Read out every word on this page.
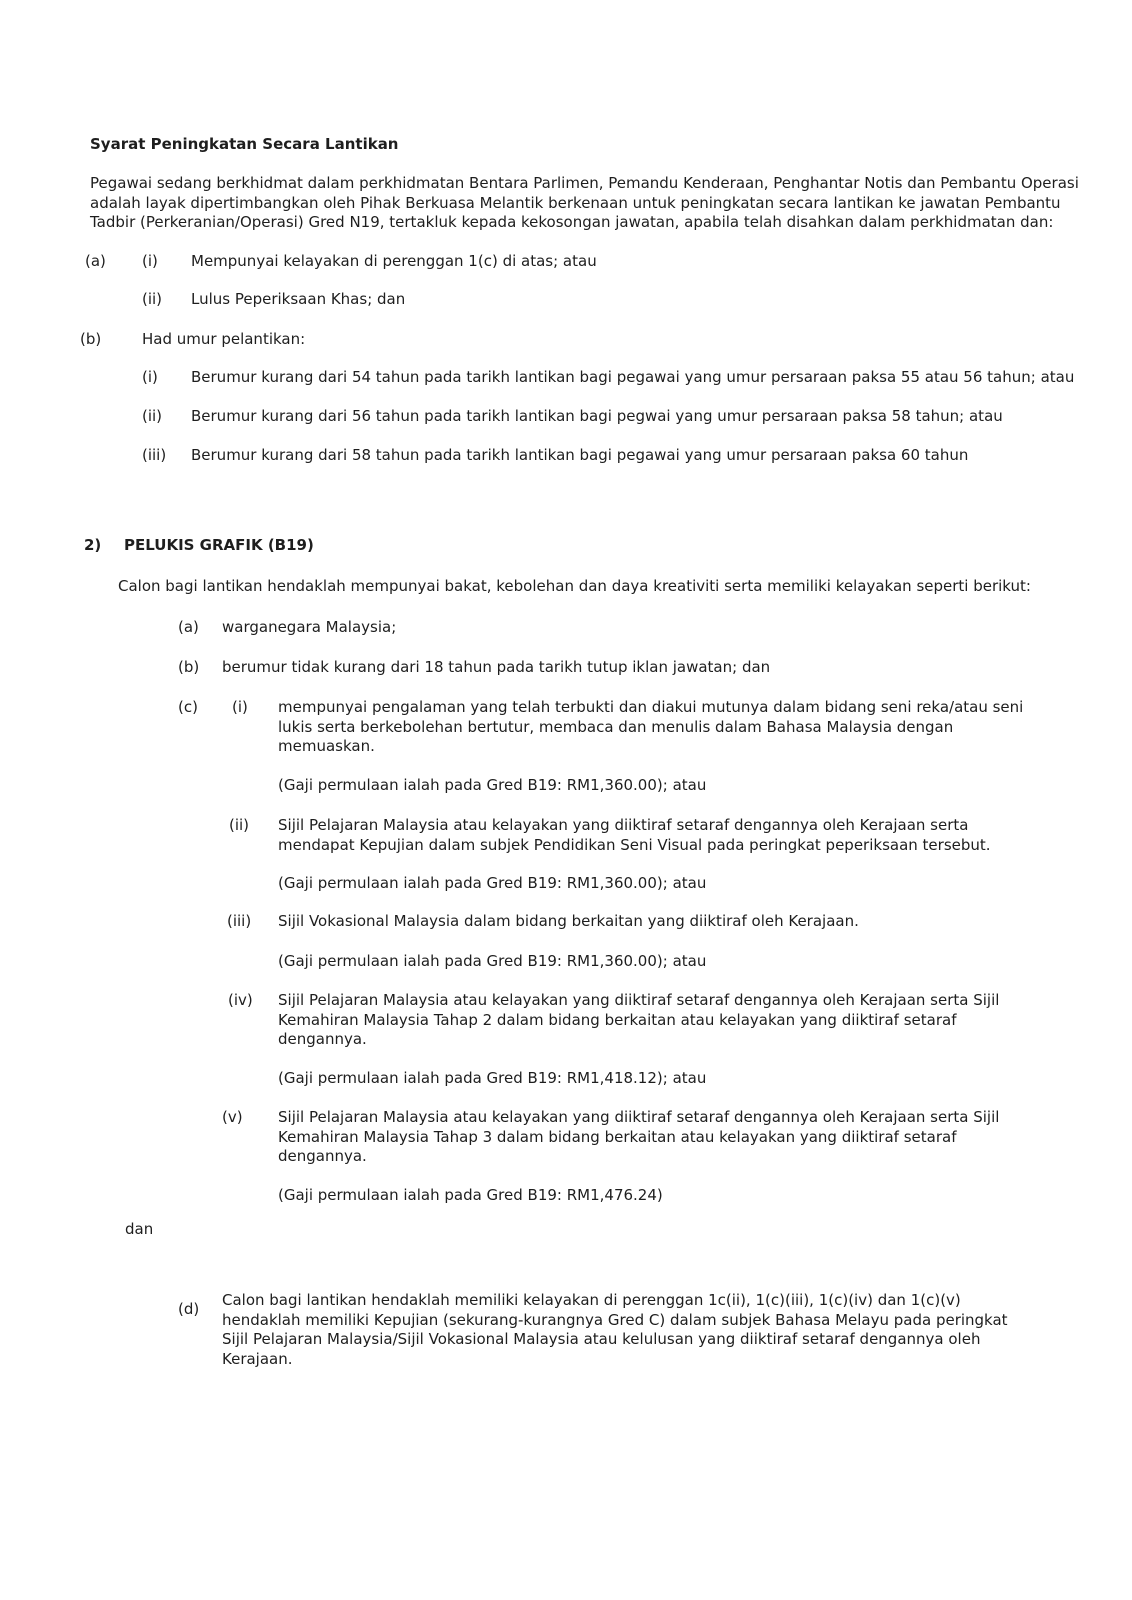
Syarat Peningkatan Secara Lantikan
Pegawai sedang berkhidmat dalam perkhidmatan Bentara Parlimen, Pemandu Kenderaan, Penghantar Notis dan Pembantu Operasi
adalah layak dipertimbangkan oleh Pihak Berkuasa Melantik berkenaan untuk peningkatan secara lantikan ke jawatan Pembantu
Tadbir (Perkeranian/Operasi) Gred N19, tertakluk kepada kekosongan jawatan, apabila telah disahkan dalam perkhidmatan dan:
(a) (i) Mempunyai kelayakan di perenggan 1(c) di atas; atau
(ii) Lulus Peperiksaan Khas; dan
(b)	Had umur pelantikan:
(i) Berumur kurang dari 54 tahun pada tarikh lantikan bagi pegawai yang umur persaraan paksa 55 atau 56 tahun; atau
(ii) Berumur kurang dari 56 tahun pada tarikh lantikan bagi pegwai yang umur persaraan paksa 58 tahun; atau
(iii) Berumur kurang dari 58 tahun pada tarikh lantikan bagi pegawai yang umur persaraan paksa 60 tahun
2) PELUKIS GRAFIK (B19)
Calon bagi lantikan hendaklah mempunyai bakat, kebolehan dan daya kreativiti serta memiliki kelayakan seperti berikut:
(a) warganegara Malaysia;
(b) berumur tidak kurang dari 18 tahun pada tarikh tutup iklan jawatan; dan
(c) (i) mempunyai pengalaman yang telah terbukti dan diakui mutunya dalam bidang seni reka/atau seni
lukis serta berkebolehan bertutur, membaca dan menulis dalam Bahasa Malaysia dengan
memuaskan.
(Gaji permulaan ialah pada Gred B19: RM1,360.00); atau
(ii) Sijil Pelajaran Malaysia atau kelayakan yang diiktiraf setaraf dengannya oleh Kerajaan serta
mendapat Kepujian dalam subjek Pendidikan Seni Visual pada peringkat peperiksaan tersebut.
(Gaji permulaan ialah pada Gred B19: RM1,360.00); atau
(iii) Sijil Vokasional Malaysia dalam bidang berkaitan yang diiktiraf oleh Kerajaan.
(Gaji permulaan ialah pada Gred B19: RM1,360.00); atau
(iv) Sijil Pelajaran Malaysia atau kelayakan yang diiktiraf setaraf dengannya oleh Kerajaan serta Sijil
Kemahiran Malaysia Tahap 2 dalam bidang berkaitan atau kelayakan yang diiktiraf setaraf
dengannya.
(Gaji permulaan ialah pada Gred B19: RM1,418.12); atau
(v) Sijil Pelajaran Malaysia atau kelayakan yang diiktiraf setaraf dengannya oleh Kerajaan serta Sijil
Kemahiran Malaysia Tahap 3 dalam bidang berkaitan atau kelayakan yang diiktiraf setaraf
dengannya.
(Gaji permulaan ialah pada Gred B19: RM1,476.24)
dan
(d) Calon bagi lantikan hendaklah memiliki kelayakan di perenggan 1c(ii), 1(c)(iii), 1(c)(iv) dan 1(c)(v)
hendaklah memiliki Kepujian (sekurang-kurangnya Gred C) dalam subjek Bahasa Melayu pada peringkat
Sijil Pelajaran Malaysia/Sijil Vokasional Malaysia atau kelulusan yang diiktiraf setaraf dengannya oleh
Kerajaan.
